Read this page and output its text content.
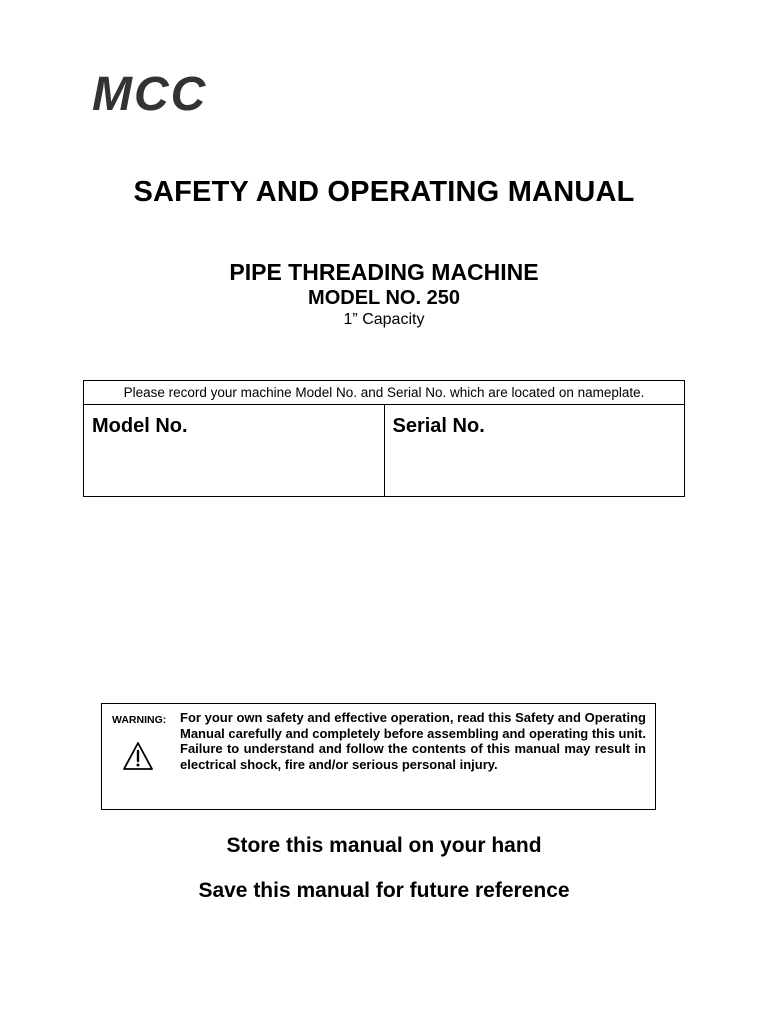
MCC
SAFETY AND OPERATING MANUAL
PIPE THREADING MACHINE
MODEL NO. 250
1” Capacity
Please record your machine Model No. and Serial No. which are located on nameplate.
Model No.	Serial No.
WARNING: For your own safety and effective operation, read this Safety and Operating Manual carefully and completely before assembling and operating this unit. Failure to understand and follow the contents of this manual may result in electrical shock, fire and/or serious personal injury.
Store this manual on your hand
Save this manual for future reference
